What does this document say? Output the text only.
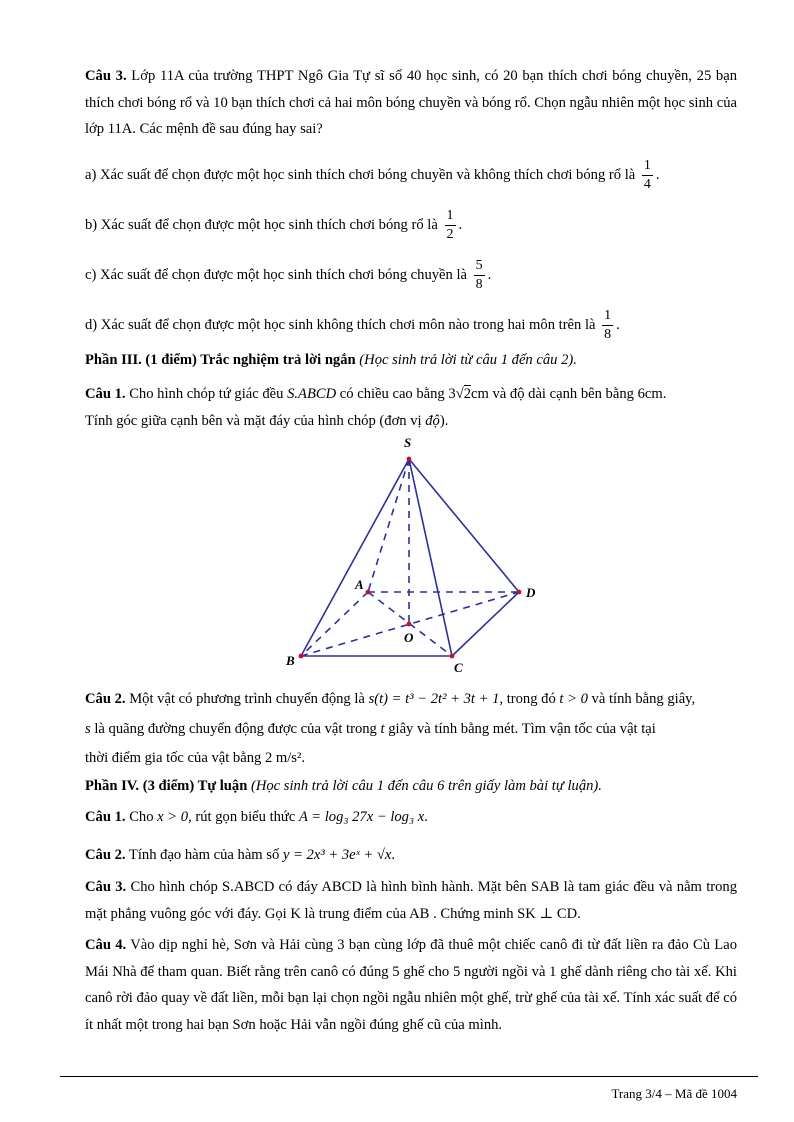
Câu 3. Lớp 11A của trường THPT Ngô Gia Tự sĩ số 40 học sinh, có 20 bạn thích chơi bóng chuyền, 25 bạn thích chơi bóng rổ và 10 bạn thích chơi cả hai môn bóng chuyền và bóng rổ. Chọn ngẫu nhiên một học sinh của lớp 11A. Các mệnh đề sau đúng hay sai?
a) Xác suất để chọn được một học sinh thích chơi bóng chuyền và không thích chơi bóng rổ là $\frac{1}{4}$ .
b) Xác suất để chọn được một học sinh thích chơi bóng rổ là $\frac{1}{2}$ .
c) Xác suất để chọn được một học sinh thích chơi bóng chuyền là $\frac{5}{8}$ .
d) Xác suất để chọn được một học sinh không thích chơi môn nào trong hai môn trên là $\frac{1}{8}$ .
Phần III. (1 điểm) Trắc nghiệm trả lời ngắn (Học sinh trả lời từ câu 1 đến câu 2).
Câu 1. Cho hình chóp tứ giác đều S.ABCD có chiều cao bằng 3√2cm và độ dài cạnh bên bằng 6cm.
Tính góc giữa cạnh bên và mặt đáy của hình chóp (đơn vị độ).
S
A
B	C
D
O
Câu 2. Một vật có phương trình chuyển động là s(t) = t³ − 2t² + 3t + 1, trong đó t > 0 và tính bằng giây,
s là quãng đường chuyển động được của vật trong t giây và tính bằng mét. Tìm vận tốc của vật tại
thời điểm gia tốc của vật bằng 2 m/s².
Phần IV. (3 điểm) Tự luận (Học sinh trả lời câu 1 đến câu 6 trên giấy làm bài tự luận).
Câu 1. Cho x > 0, rút gọn biểu thức A = log₃ 27x − log₃ x.
Câu 2. Tính đạo hàm của hàm số y = 2x³ + 3eˣ + √x.
Câu 3. Cho hình chóp S.ABCD có đáy ABCD là hình bình hành. Mặt bên SAB là tam giác đều và nằm trong mặt phẳng vuông góc với đáy. Gọi K là trung điểm của AB . Chứng minh SK ⊥ CD.
Câu 4. Vào dịp nghỉ hè, Sơn và Hải cùng 3 bạn cùng lớp đã thuê một chiếc canô đi từ đất liền ra đảo Cù Lao Mái Nhà để tham quan. Biết rằng trên canô có đúng 5 ghế cho 5 người ngồi và 1 ghế dành riêng cho tài xế. Khi canô rời đảo quay về đất liền, mỗi bạn lại chọn ngồi ngẫu nhiên một ghế, trừ ghế của tài xế. Tính xác suất để có ít nhất một trong hai bạn Sơn hoặc Hải vẫn ngồi đúng ghế cũ của mình.
Trang 3/4 – Mã đề 1004
